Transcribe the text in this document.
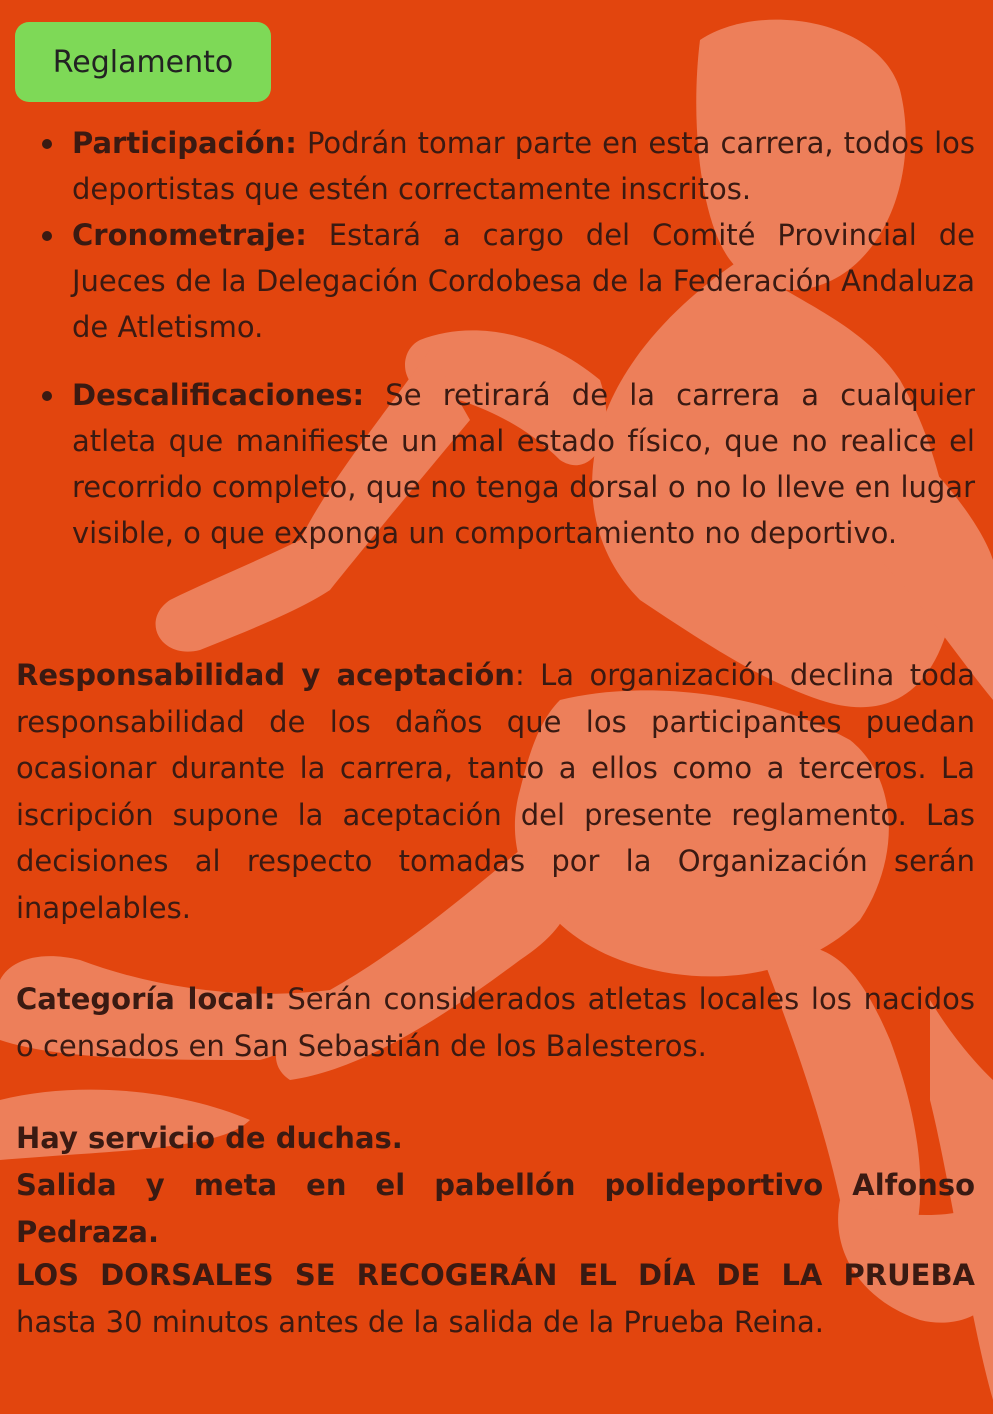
Reglamento
Participación: Podrán tomar parte en esta carrera, todos los deportistas que estén correctamente inscritos.
Cronometraje: Estará a cargo del Comité Provincial de Jueces de la Delegación Cordobesa de la Federación Andaluza de Atletismo.
Descalificaciones: Se retirará de la carrera a cualquier atleta que manifieste un mal estado físico, que no realice el recorrido completo, que no tenga dorsal o no lo lleve en lugar visible, o que exponga un comportamiento no deportivo.

Responsabilidad y aceptación: La organización declina toda responsabilidad de los daños que los participantes puedan ocasionar durante la carrera, tanto a ellos como a terceros. La iscripción supone la aceptación del presente reglamento. Las decisiones al respecto tomadas por la Organización serán inapelables.

Categoría local: Serán considerados atletas locales los nacidos o censados en San Sebastián de los Balesteros.

Hay servicio de duchas.

Salida y meta en el pabellón polideportivo Alfonso Pedraza.

LOS DORSALES SE RECOGERÁN EL DÍA DE LA PRUEBA hasta 30 minutos antes de la salida de la Prueba Reina.
